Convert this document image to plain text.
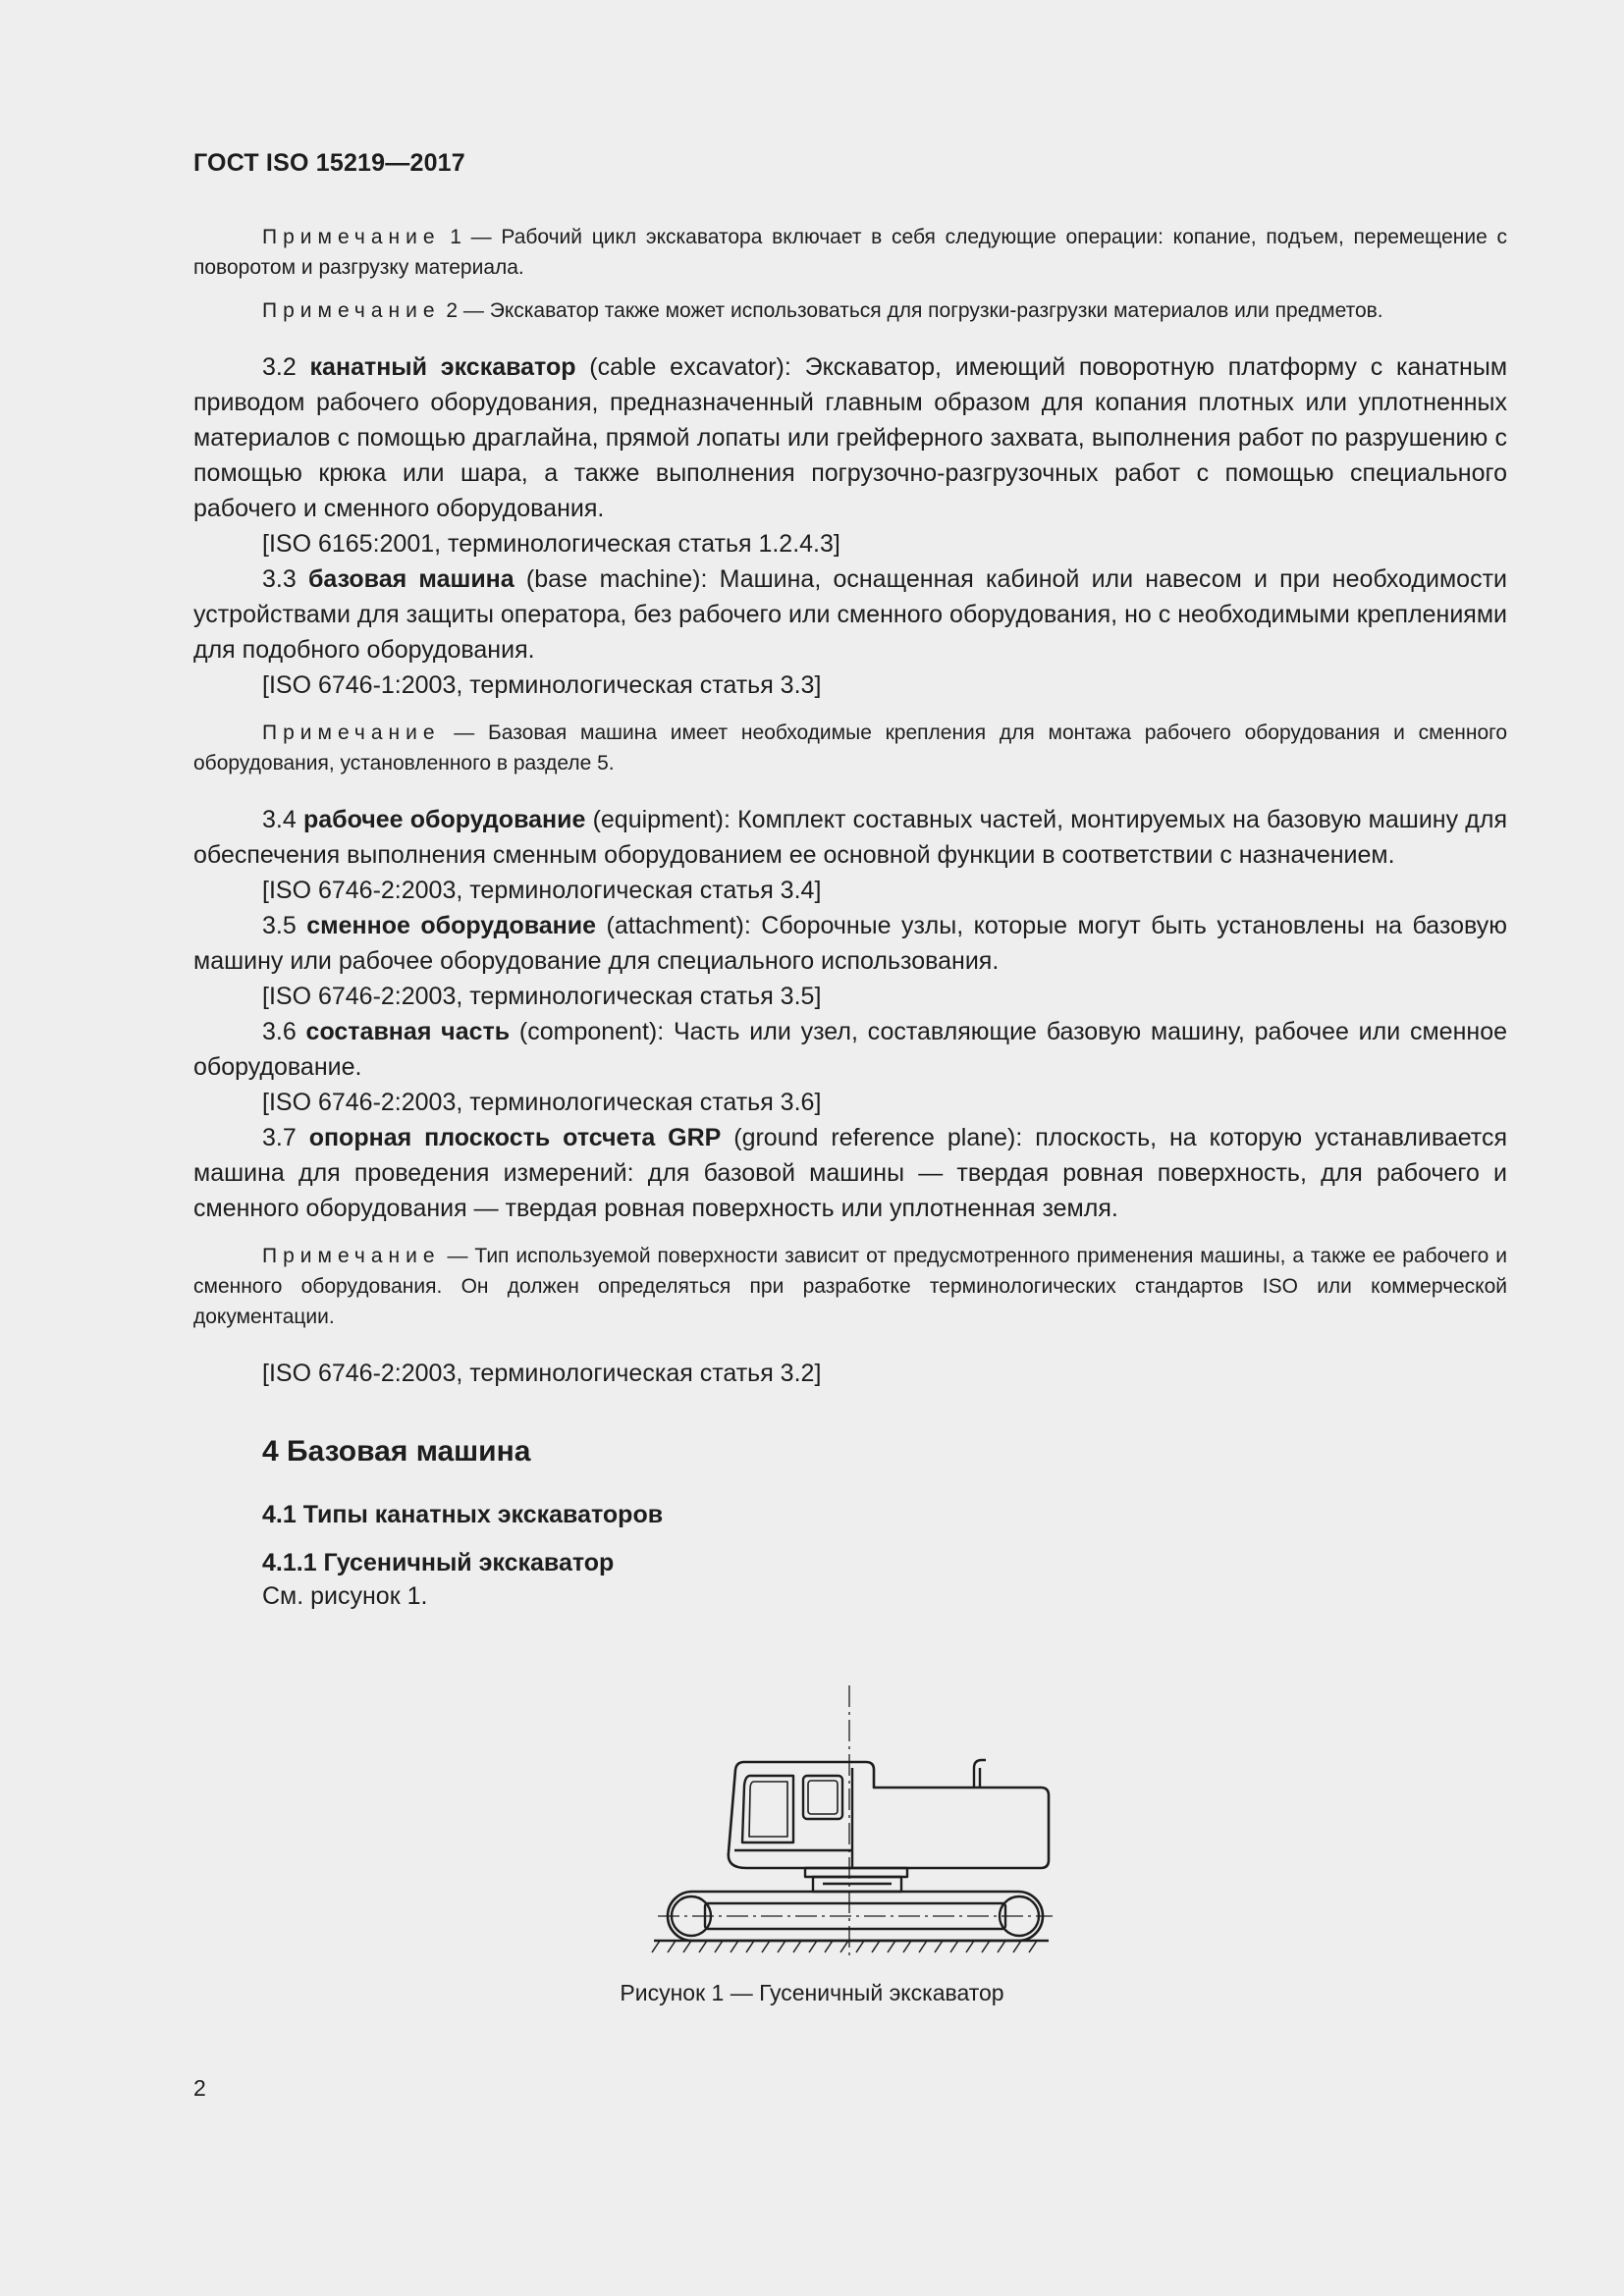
ГОСТ ISO 15219—2017

Примечание 1 — Рабочий цикл экскаватора включает в себя следующие операции: копание, подъем, перемещение с поворотом и разгрузку материала.

Примечание 2 — Экскаватор также может использоваться для погрузки-разгрузки материалов или предметов.

3.2 канатный экскаватор (cable excavator): Экскаватор, имеющий поворотную платформу с канатным приводом рабочего оборудования, предназначенный главным образом для копания плотных или уплотненных материалов с помощью драглайна, прямой лопаты или грейферного захвата, выполнения работ по разрушению с помощью крюка или шара, а также выполнения погрузочно-разгрузочных работ с помощью специального рабочего и сменного оборудования.

[ISO 6165:2001, терминологическая статья 1.2.4.3]

3.3 базовая машина (base machine): Машина, оснащенная кабиной или навесом и при необходимости устройствами для защиты оператора, без рабочего или сменного оборудования, но с необходимыми креплениями для подобного оборудования.

[ISO 6746-1:2003, терминологическая статья 3.3]

Примечание — Базовая машина имеет необходимые крепления для монтажа рабочего оборудования и сменного оборудования, установленного в разделе 5.

3.4 рабочее оборудование (equipment): Комплект составных частей, монтируемых на базовую машину для обеспечения выполнения сменным оборудованием ее основной функции в соответствии с назначением.

[ISO 6746-2:2003, терминологическая статья 3.4]

3.5 сменное оборудование (attachment): Сборочные узлы, которые могут быть установлены на базовую машину или рабочее оборудование для специального использования.

[ISO 6746-2:2003, терминологическая статья 3.5]

3.6 составная часть (component): Часть или узел, составляющие базовую машину, рабочее или сменное оборудование.

[ISO 6746-2:2003, терминологическая статья 3.6]

3.7 опорная плоскость отсчета GRP (ground reference plane): плоскость, на которую устанавливается машина для проведения измерений: для базовой машины — твердая ровная поверхность, для рабочего и сменного оборудования — твердая ровная поверхность или уплотненная земля.

Примечание — Тип используемой поверхности зависит от предусмотренного применения машины, а также ее рабочего и сменного оборудования. Он должен определяться при разработке терминологических стандартов ISO или коммерческой документации.

[ISO 6746-2:2003, терминологическая статья 3.2]

4 Базовая машина
4.1 Типы канатных экскаваторов
4.1.1 Гусеничный экскаватор

См. рисунок 1.

Рисунок 1 — Гусеничный экскаватор
2
